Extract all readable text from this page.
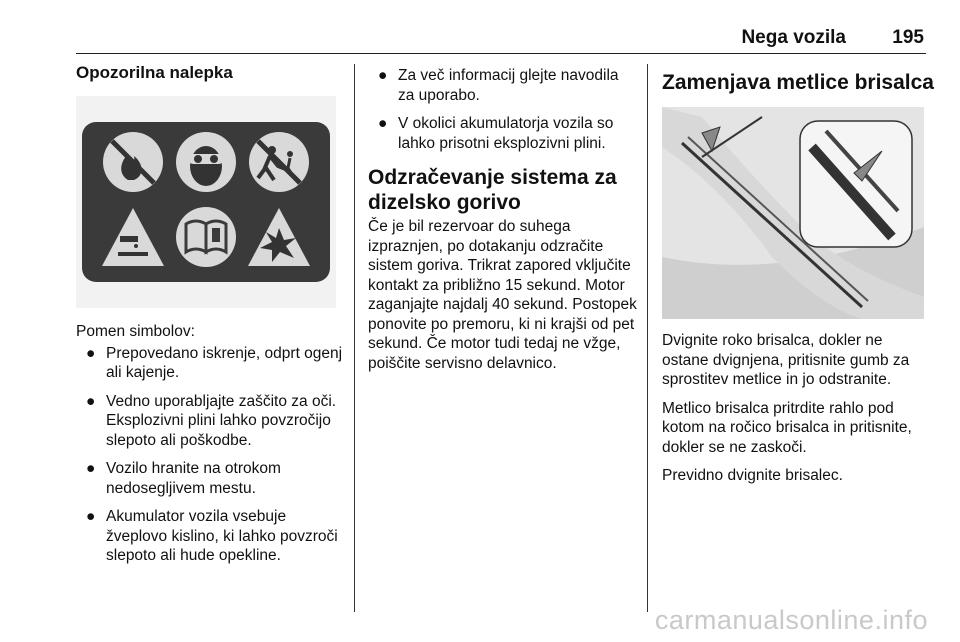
Nega vozila 195
Opozorilna nalepka

Pomen simbolov:

● Prepovedano iskrenje, odprt ogenj ali kajenje.
● Vedno uporabljajte zaščito za oči. Eksplozivni plini lahko povzročijo slepoto ali poškodbe.
● Vozilo hranite na otrokom nedosegljivem mestu.
● Akumulator vozila vsebuje žveplovo kislino, ki lahko povzroči slepoto ali hude opekline.
● Za več informacij glejte navodila za uporabo.
● V okolici akumulatorja vozila so lahko prisotni eksplozivni plini.
Odzračevanje sistema za dizelsko gorivo

Če je bil rezervoar do suhega izpraznjen, po dotakanju odzračite sistem goriva. Trikrat zapored vključite kontakt za približno 15 sekund. Motor zaganjajte najdalj 40 sekund. Postopek ponovite po premoru, ki ni krajši od pet sekund. Če motor tudi tedaj ne vžge, poiščite servisno delavnico.

Zamenjava metlice brisalca

Dvignite roko brisalca, dokler ne ostane dvignjena, pritisnite gumb za sprostitev metlice in jo odstranite.

Metlico brisalca pritrdite rahlo pod kotom na ročico brisalca in pritisnite, dokler se ne zaskoči.

Previdno dvignite brisalec.

carmanualsonline.info
